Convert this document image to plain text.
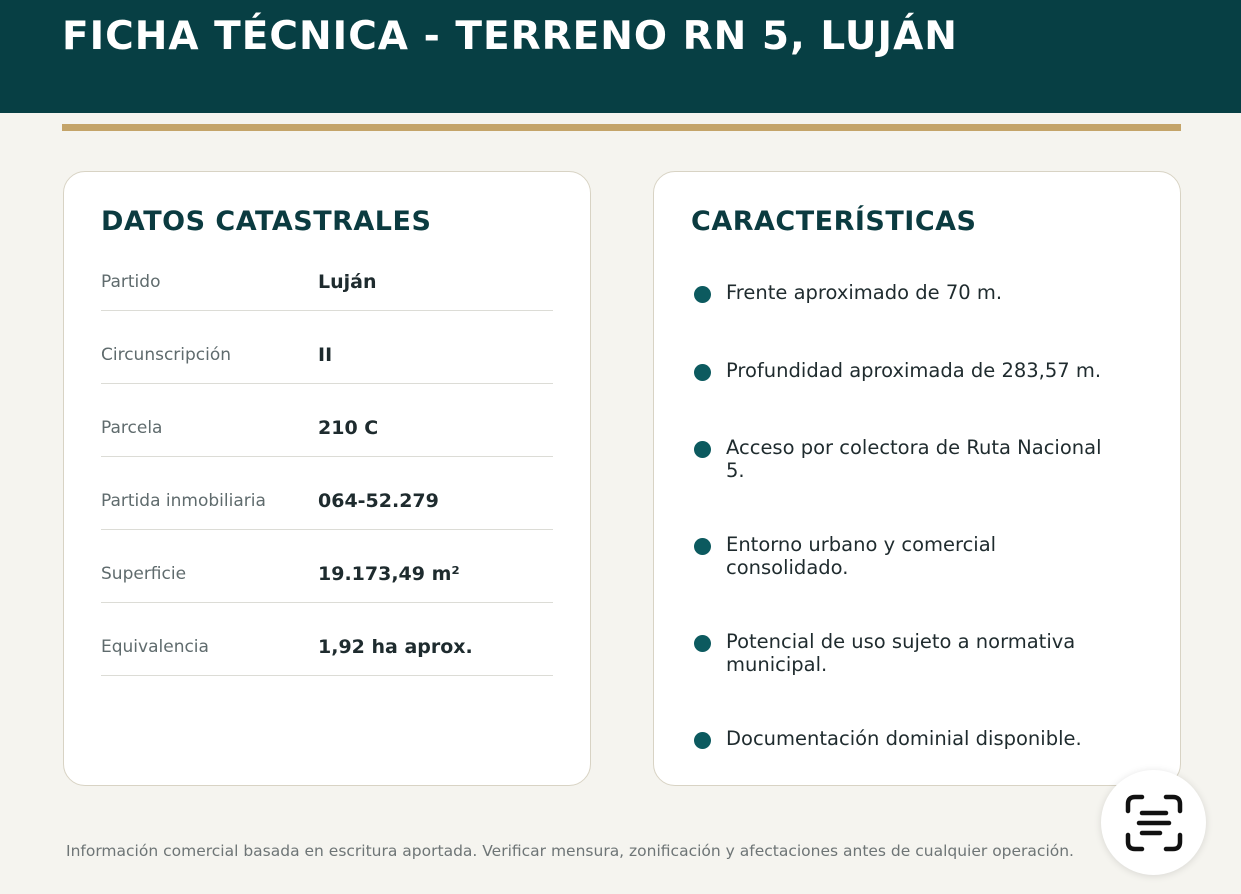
FICHA TÉCNICA - TERRENO RN 5, LUJÁN
DATOS CATASTRALES
Partido	Luján
Circunscripción	II
Parcela	210 C
Partida inmobiliaria	064-52.279
Superficie	19.173,49 m²
Equivalencia	1,92 ha aprox.
CARACTERÍSTICAS
Frente aproximado de 70 m.
Profundidad aproximada de 283,57 m.
Acceso por colectora de Ruta Nacional 5.
Entorno urbano y comercial consolidado.
Potencial de uso sujeto a normativa municipal.
Documentación dominial disponible.

Información comercial basada en escritura aportada. Verificar mensura, zonificación y afectaciones antes de cualquier operación.
